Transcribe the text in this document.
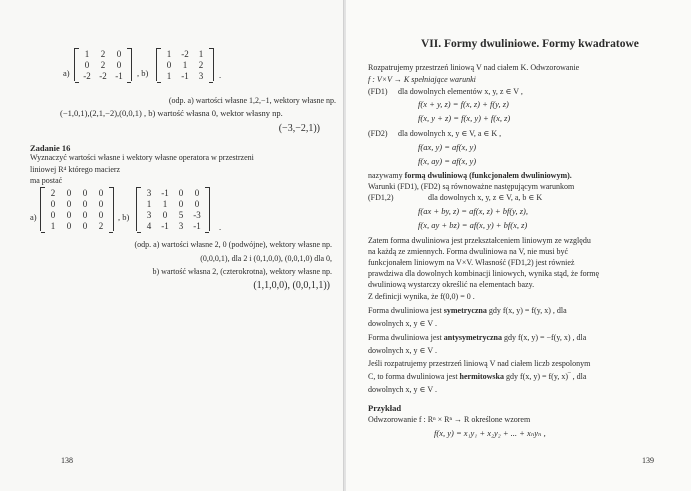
a)
1	2	0
0	2	0
-2	-2	-1 , b)
1	-2	1
0	1	2
1	-1	3 .
(odp. a) wartości własne 1,2,−1, wektory własne np.
(−1,0,1),(2,1,−2),(0,0,1) , b) wartość własna 0, wektor własny np.
(−3,−2,1))
Zadanie 16
Wyznaczyć wartości własne i wektory własne operatora w przestrzeni
liniowej R⁴ którego macierz
ma postać
a)
2	0	0	0
0	0	0	0
0	0	0	0
1	0	0	2
, b)
3	-1	0	0
1	1	0	0
3	0	5	-3
4	-1	3	-1 .
(odp. a) wartości własne 2, 0 (podwójne), wektory własne np.
(0,0,0,1), dla 2 i (0,1,0,0), (0,0,1,0) dla 0,
b) wartość własna 2, (czterokrotna), wektory własne np.
(1,1,0,0), (0,0,1,1))
138
VII. Formy dwuliniowe. Formy kwadratowe
Rozpatrujemy przestrzeń liniową V nad ciałem K. Odwzorowanie
f : V×V → K spełniające warunki
(FD1) dla dowolnych elementów x, y, z ∈ V ,
f(x + y, z) = f(x, z) + f(y, z)
f(x, y + z) = f(x, y) + f(x, z)
(FD2) dla dowolnych x, y ∈ V, a ∈ K ,
f(ax, y) = af(x, y)
f(x, ay) = af(x, y)
nazywamy formą dwuliniową (funkcjonałem dwuliniowym).
Warunki (FD1), (FD2) są równoważne następującym warunkom
(FD1,2)	dla dowolnych x, y, z ∈ V, a, b ∈ K
f(ax + by, z) = af(x, z) + bf(y, z),
f(x, ay + bz) = af(x, y) + bf(x, z)
Zatem forma dwuliniowa jest przekształceniem liniowym ze względu
na każdą ze zmiennych. Forma dwuliniowa na V, nie musi być
funkcjonałem liniowym na V×V. Własność (FD1,2) jest również
prawdziwa dla dowolnych kombinacji liniowych, wynika stąd, że formę
dwuliniową wystarczy określić na elementach bazy.
Z definicji wynika, że f(0,0) = 0 .
Forma dwuliniowa jest symetryczna gdy f(x, y) = f(y, x) , dla
dowolnych x, y ∈ V .
Forma dwuliniowa jest antysymetryczna gdy f(x, y) = −f(y, x) , dla
dowolnych x, y ∈ V .
Jeśli rozpatrujemy przestrzeń liniową V nad ciałem liczb zespolonym
C, to forma dwuliniowa jest hermitowska gdy f(x, y) = f(y, x)‾ , dla
dowolnych x, y ∈ V .
Przykład
Odwzorowanie f : Rⁿ × Rⁿ → R określone wzorem
f(x, y) = x₁y₁ + x₂y₂ + ... + xₙyₙ ,
139
